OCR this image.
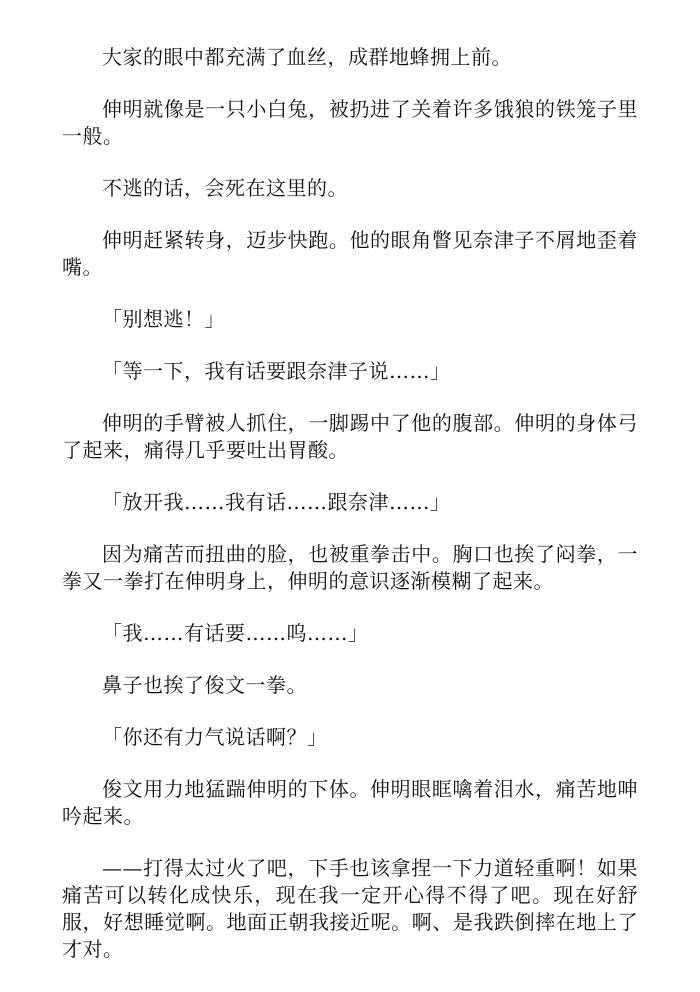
大家的眼中都充满了血丝，成群地蜂拥上前。

伸明就像是一只小白兔，被扔进了关着许多饿狼的铁笼子里一般。

不逃的话，会死在这里的。

伸明赶紧转身，迈步快跑。他的眼角瞥见奈津子不屑地歪着嘴。

「别想逃！」

「等一下，我有话要跟奈津子说……」

伸明的手臂被人抓住，一脚踢中了他的腹部。伸明的身体弓了起来，痛得几乎要吐出胃酸。

「放开我……我有话……跟奈津……」

因为痛苦而扭曲的脸，也被重拳击中。胸口也挨了闷拳，一拳又一拳打在伸明身上，伸明的意识逐渐模糊了起来。

「我……有话要……呜……」

鼻子也挨了俊文一拳。

「你还有力气说话啊？」

俊文用力地猛踹伸明的下体。伸明眼眶噙着泪水，痛苦地呻吟起来。

——打得太过火了吧，下手也该拿捏一下力道轻重啊！如果痛苦可以转化成快乐，现在我一定开心得不得了吧。现在好舒服，好想睡觉啊。地面正朝我接近呢。啊、是我跌倒摔在地上了才对。
